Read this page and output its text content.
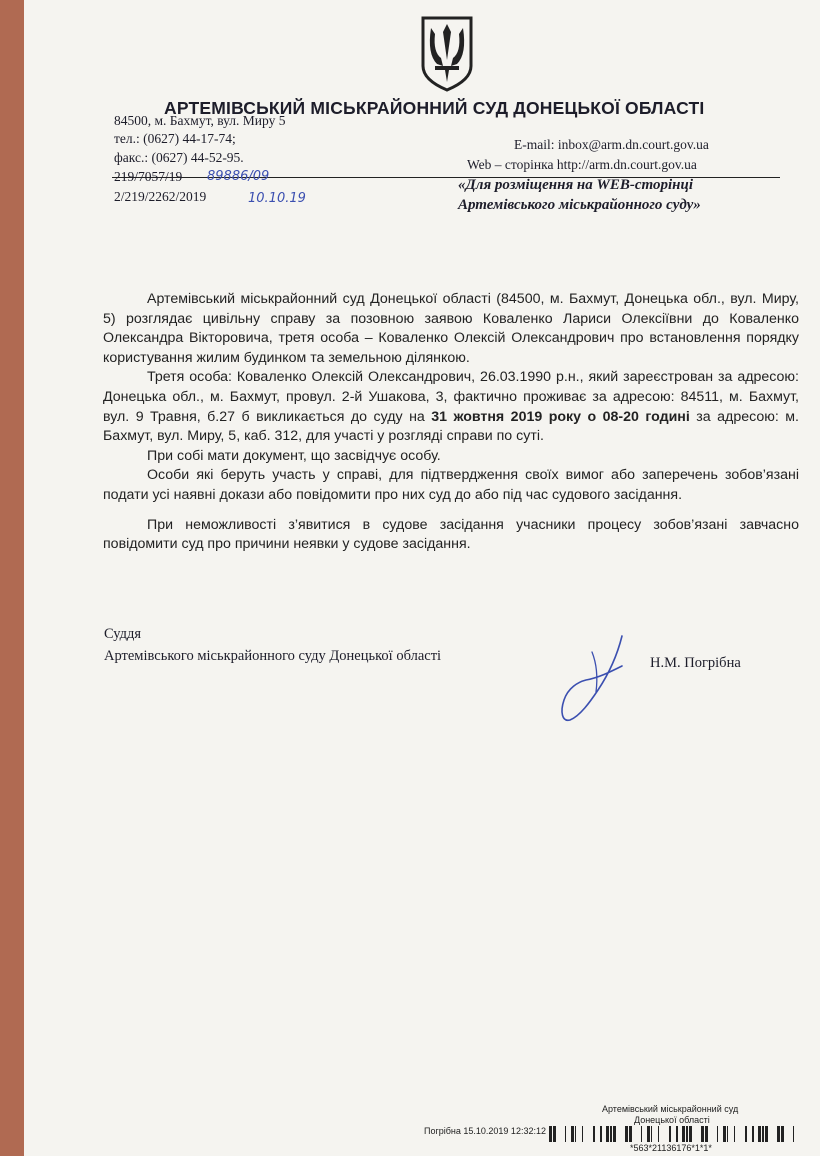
АРТЕМІВСЬКИЙ МІСЬКРАЙОННИЙ СУД ДОНЕЦЬКОЇ ОБЛАСТІ
84500, м. Бахмут, вул. Миру 5
тел.: (0627) 44-17-74;
факс.: (0627) 44-52-95.
E-mail: inbox@arm.dn.court.gov.ua
Web – сторінка http://arm.dn.court.gov.ua
219/7057/19
2/219/2262/2019
89886/09
10.10.19
«Для розміщення на WEB-сторінці
Артемівського міськрайонного суду»

Артемівський міськрайонний суд Донецької області (84500, м. Бахмут, Донецька обл., вул. Миру, 5) розглядає цивільну справу за позовною заявою Коваленко Лариси Олексіївни до Коваленко Олександра Вікторовича, третя особа – Коваленко Олексій Олександрович про встановлення порядку користування жилим будинком та земельною ділянкою.

Третя особа: Коваленко Олексій Олександрович, 26.03.1990 р.н., який зареєстрован за адресою: Донецька обл., м. Бахмут, провул. 2-й Ушакова, 3, фактично проживає за адресою: 84511, м. Бахмут, вул. 9 Травня, б.27 б викликається до суду на 31 жовтня 2019 року о 08-20 годині за адресою: м. Бахмут, вул. Миру, 5, каб. 312, для участі у розгляді справи по суті.

При собі мати документ, що засвідчує особу.

Особи які беруть участь у справі, для підтвердження своїх вимог або заперечень зобов’язані подати усі наявні докази або повідомити про них суд до або під час судового засідання.

При неможливості з’явитися в судове засідання учасники процесу зобов’язані завчасно повідомити суд про причини неявки у судове засідання.

Суддя
Артемівського міськрайонного суду Донецької області	Н.М. Погрібна
Артемівський міськрайонний суд
Донецької області
Погрібна 15.10.2019 12:32:12
*563*21136176*1*1*
